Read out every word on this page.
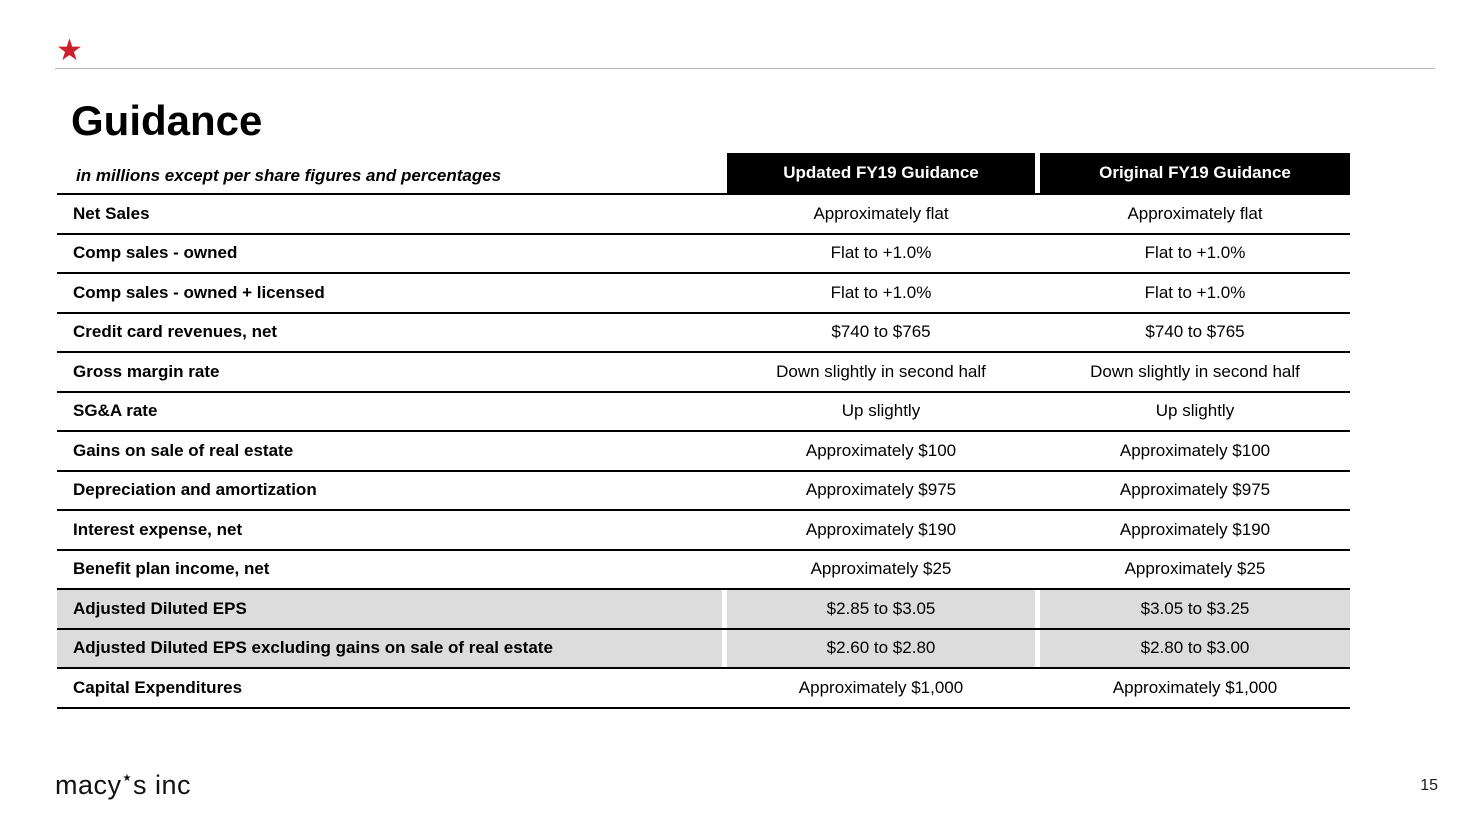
★
Guidance
in millions except per share figures and percentages	Updated FY19 Guidance	Original FY19 Guidance
Net Sales	Approximately flat	Approximately flat
Comp sales - owned	Flat to +1.0%	Flat to +1.0%
Comp sales - owned + licensed	Flat to +1.0%	Flat to +1.0%
Credit card revenues, net	$740 to $765	$740 to $765
Gross margin rate	Down slightly in second half	Down slightly in second half
SG&A rate	Up slightly	Up slightly
Gains on sale of real estate	Approximately $100	Approximately $100
Depreciation and amortization	Approximately $975	Approximately $975
Interest expense, net	Approximately $190	Approximately $190
Benefit plan income, net	Approximately $25	Approximately $25
Adjusted Diluted EPS	$2.85 to $3.05	$3.05 to $3.25
Adjusted Diluted EPS excluding gains on sale of real estate	$2.60 to $2.80	$2.80 to $3.00
Capital Expenditures	Approximately $1,000	Approximately $1,000
macy★s inc	15
